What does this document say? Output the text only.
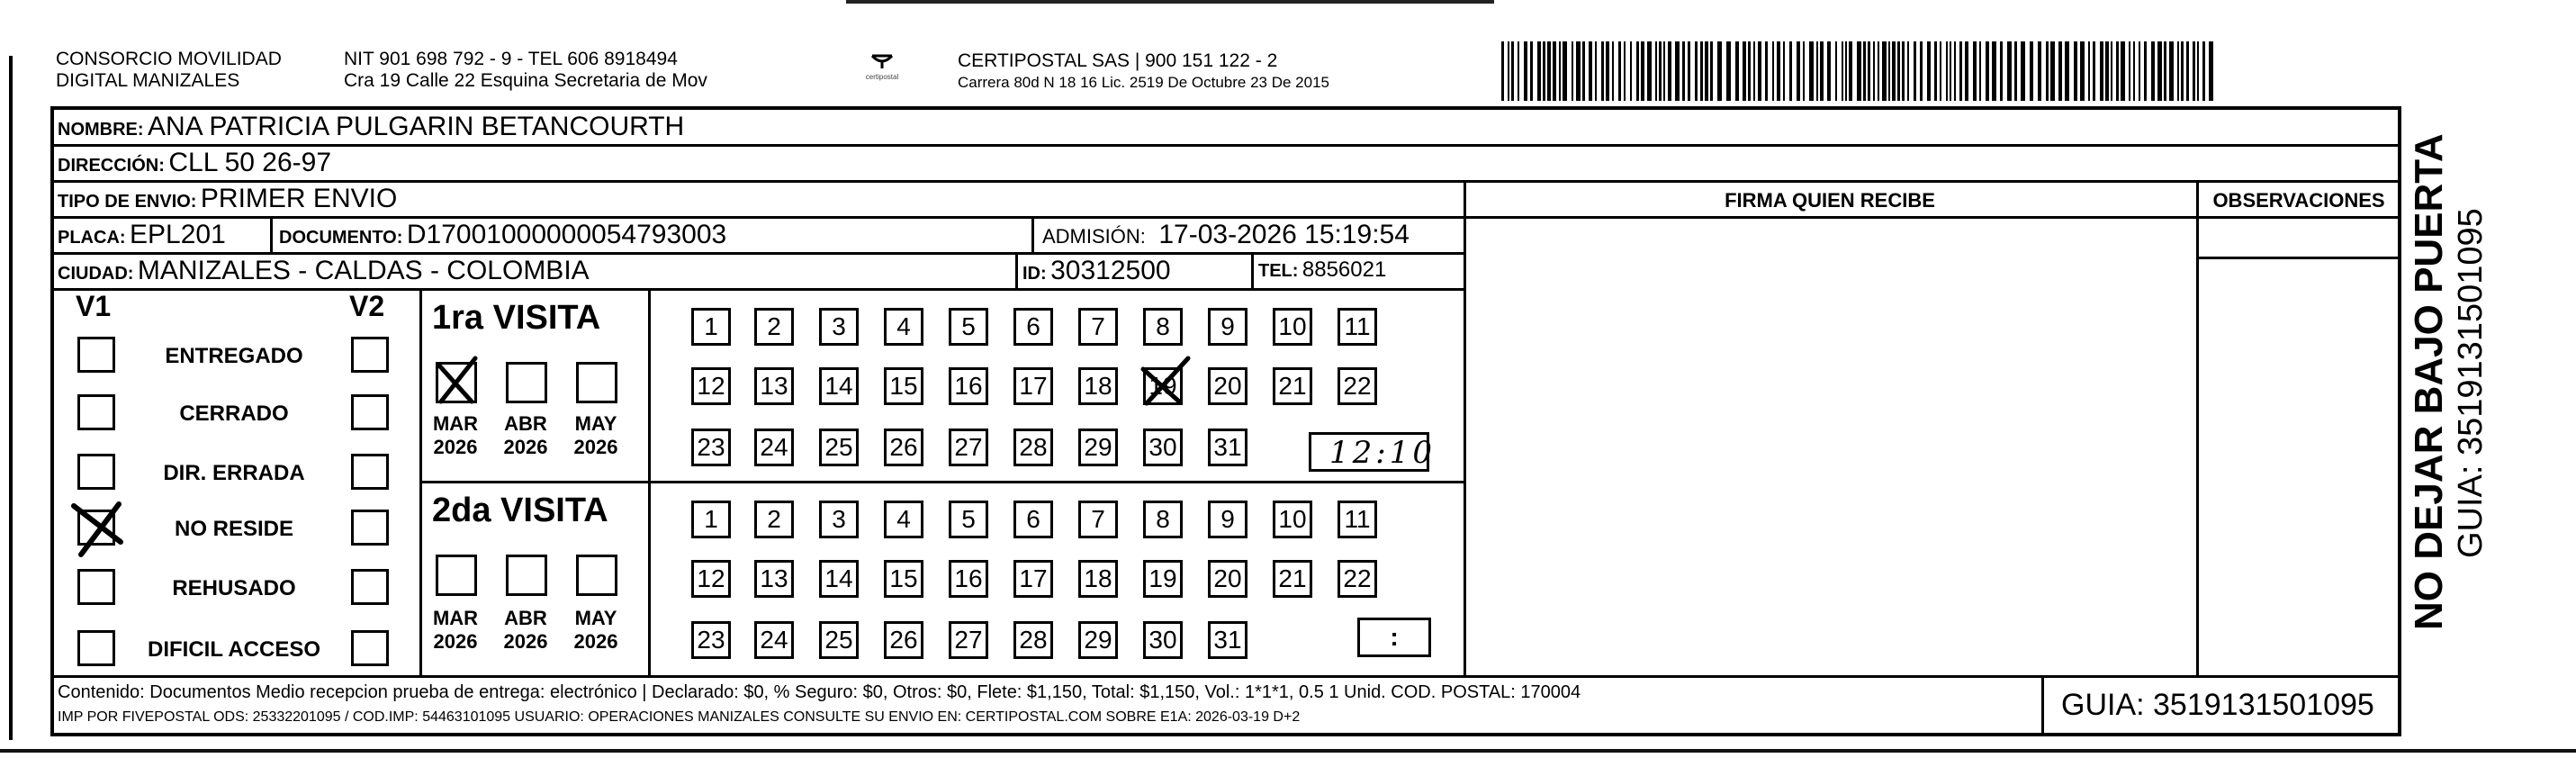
CONSORCIO MOVILIDAD
DIGITAL MANIZALES
NIT 901 698 792 - 9 - TEL 606 8918494
Cra 19 Calle 22 Esquina Secretaria de Mov	certipostal
CERTIPOSTAL SAS | 900 151 122 - 2
Carrera 80d N 18 16 Lic. 2519 De Octubre 23 De 2015
NOMBRE: ANA PATRICIA PULGARIN BETANCOURTH
DIRECCIÓN: CLL 50 26-97
TIPO DE ENVIO: PRIMER ENVIO	FIRMA QUIEN RECIBE	OBSERVACIONES
PLACA: EPL201	DOCUMENTO: D17001000000054793003	ADMISIÓN: 17-03-2026 15:19:54
CIUDAD: MANIZALES - CALDAS - COLOMBIA	ID: 30312500	TEL: 8856021
V1	V2
ENTREGADO
CERRADO
DIR. ERRADA
NO RESIDE
REHUSADO
DIFICIL ACCESO
1ra VISITA
2da VISITA
MAR
2026
ABR
2026
MAY
2026
MAR
2026
ABR
2026
MAY
2026
1	2	3	4	5	6	7	8	9	10 11
12 13 14 15 16 17 18 19 20 21 22
23 24 25 26 27 28 29 30 31
1	2	3	4	5	6	7	8	9	10 11
12 13 14 15 16 17 18 19 20 21 22
23 24 25 26 27 28 29 30 31
12:10
:
Contenido: Documentos Medio recepcion prueba de entrega: electrónico | Declarado: $0, % Seguro: $0, Otros: $0, Flete: $1,150, Total: $1,150, Vol.: 1*1*1, 0.5 1 Unid. COD. POSTAL: 170004
IMP POR FIVEPOSTAL ODS: 25332201095 / COD.IMP: 54463101095 USUARIO: OPERACIONES MANIZALES CONSULTE SU ENVIO EN: CERTIPOSTAL.COM SOBRE E1A: 2026-03-19 D+2	GUIA: 3519131501095
NO DEJAR BAJO PUERTA GUIA: 3519131501095
